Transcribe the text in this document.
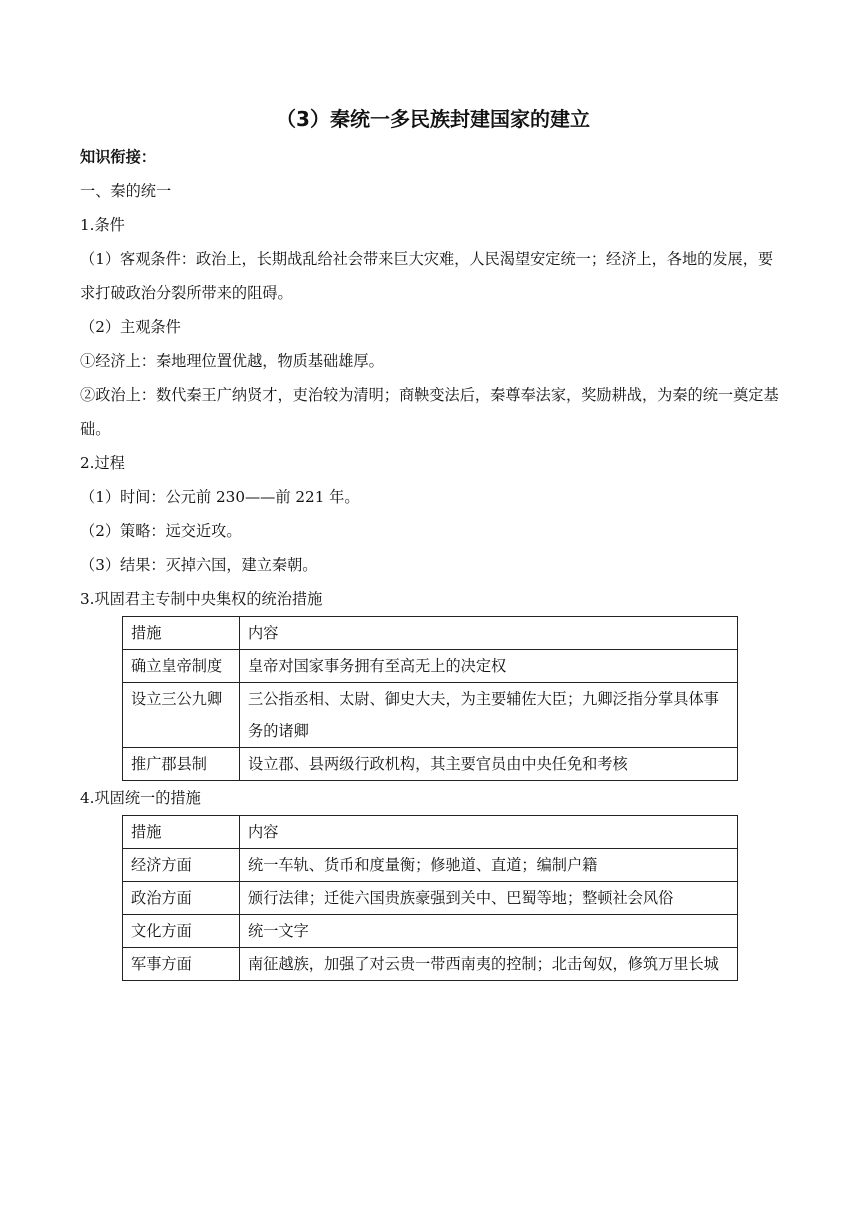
（3）秦统一多民族封建国家的建立

知识衔接：

一、秦的统一

1.条件

（1）客观条件：政治上，长期战乱给社会带来巨大灾难，人民渴望安定统一；经济上，各地的发展，要求打破政治分裂所带来的阻碍。

（2）主观条件

①经济上：秦地理位置优越，物质基础雄厚。

②政治上：数代秦王广纳贤才，吏治较为清明；商鞅变法后，秦尊奉法家，奖励耕战，为秦的统一奠定基础。

2.过程

（1）时间：公元前 230——前 221 年。

（2）策略：远交近攻。

（3）结果：灭掉六国，建立秦朝。

3.巩固君主专制中央集权的统治措施

措施	内容
确立皇帝制度	皇帝对国家事务拥有至高无上的决定权
设立三公九卿	三公指丞相、太尉、御史大夫，为主要辅佐大臣；九卿泛指分掌具体事务的诸卿
推广郡县制	设立郡、县两级行政机构，其主要官员由中央任免和考核

4.巩固统一的措施

措施	内容
经济方面	统一车轨、货币和度量衡；修驰道、直道；编制户籍
政治方面	颁行法律；迁徙六国贵族豪强到关中、巴蜀等地；整顿社会风俗
文化方面	统一文字
军事方面	南征越族，加强了对云贵一带西南夷的控制；北击匈奴，修筑万里长城
